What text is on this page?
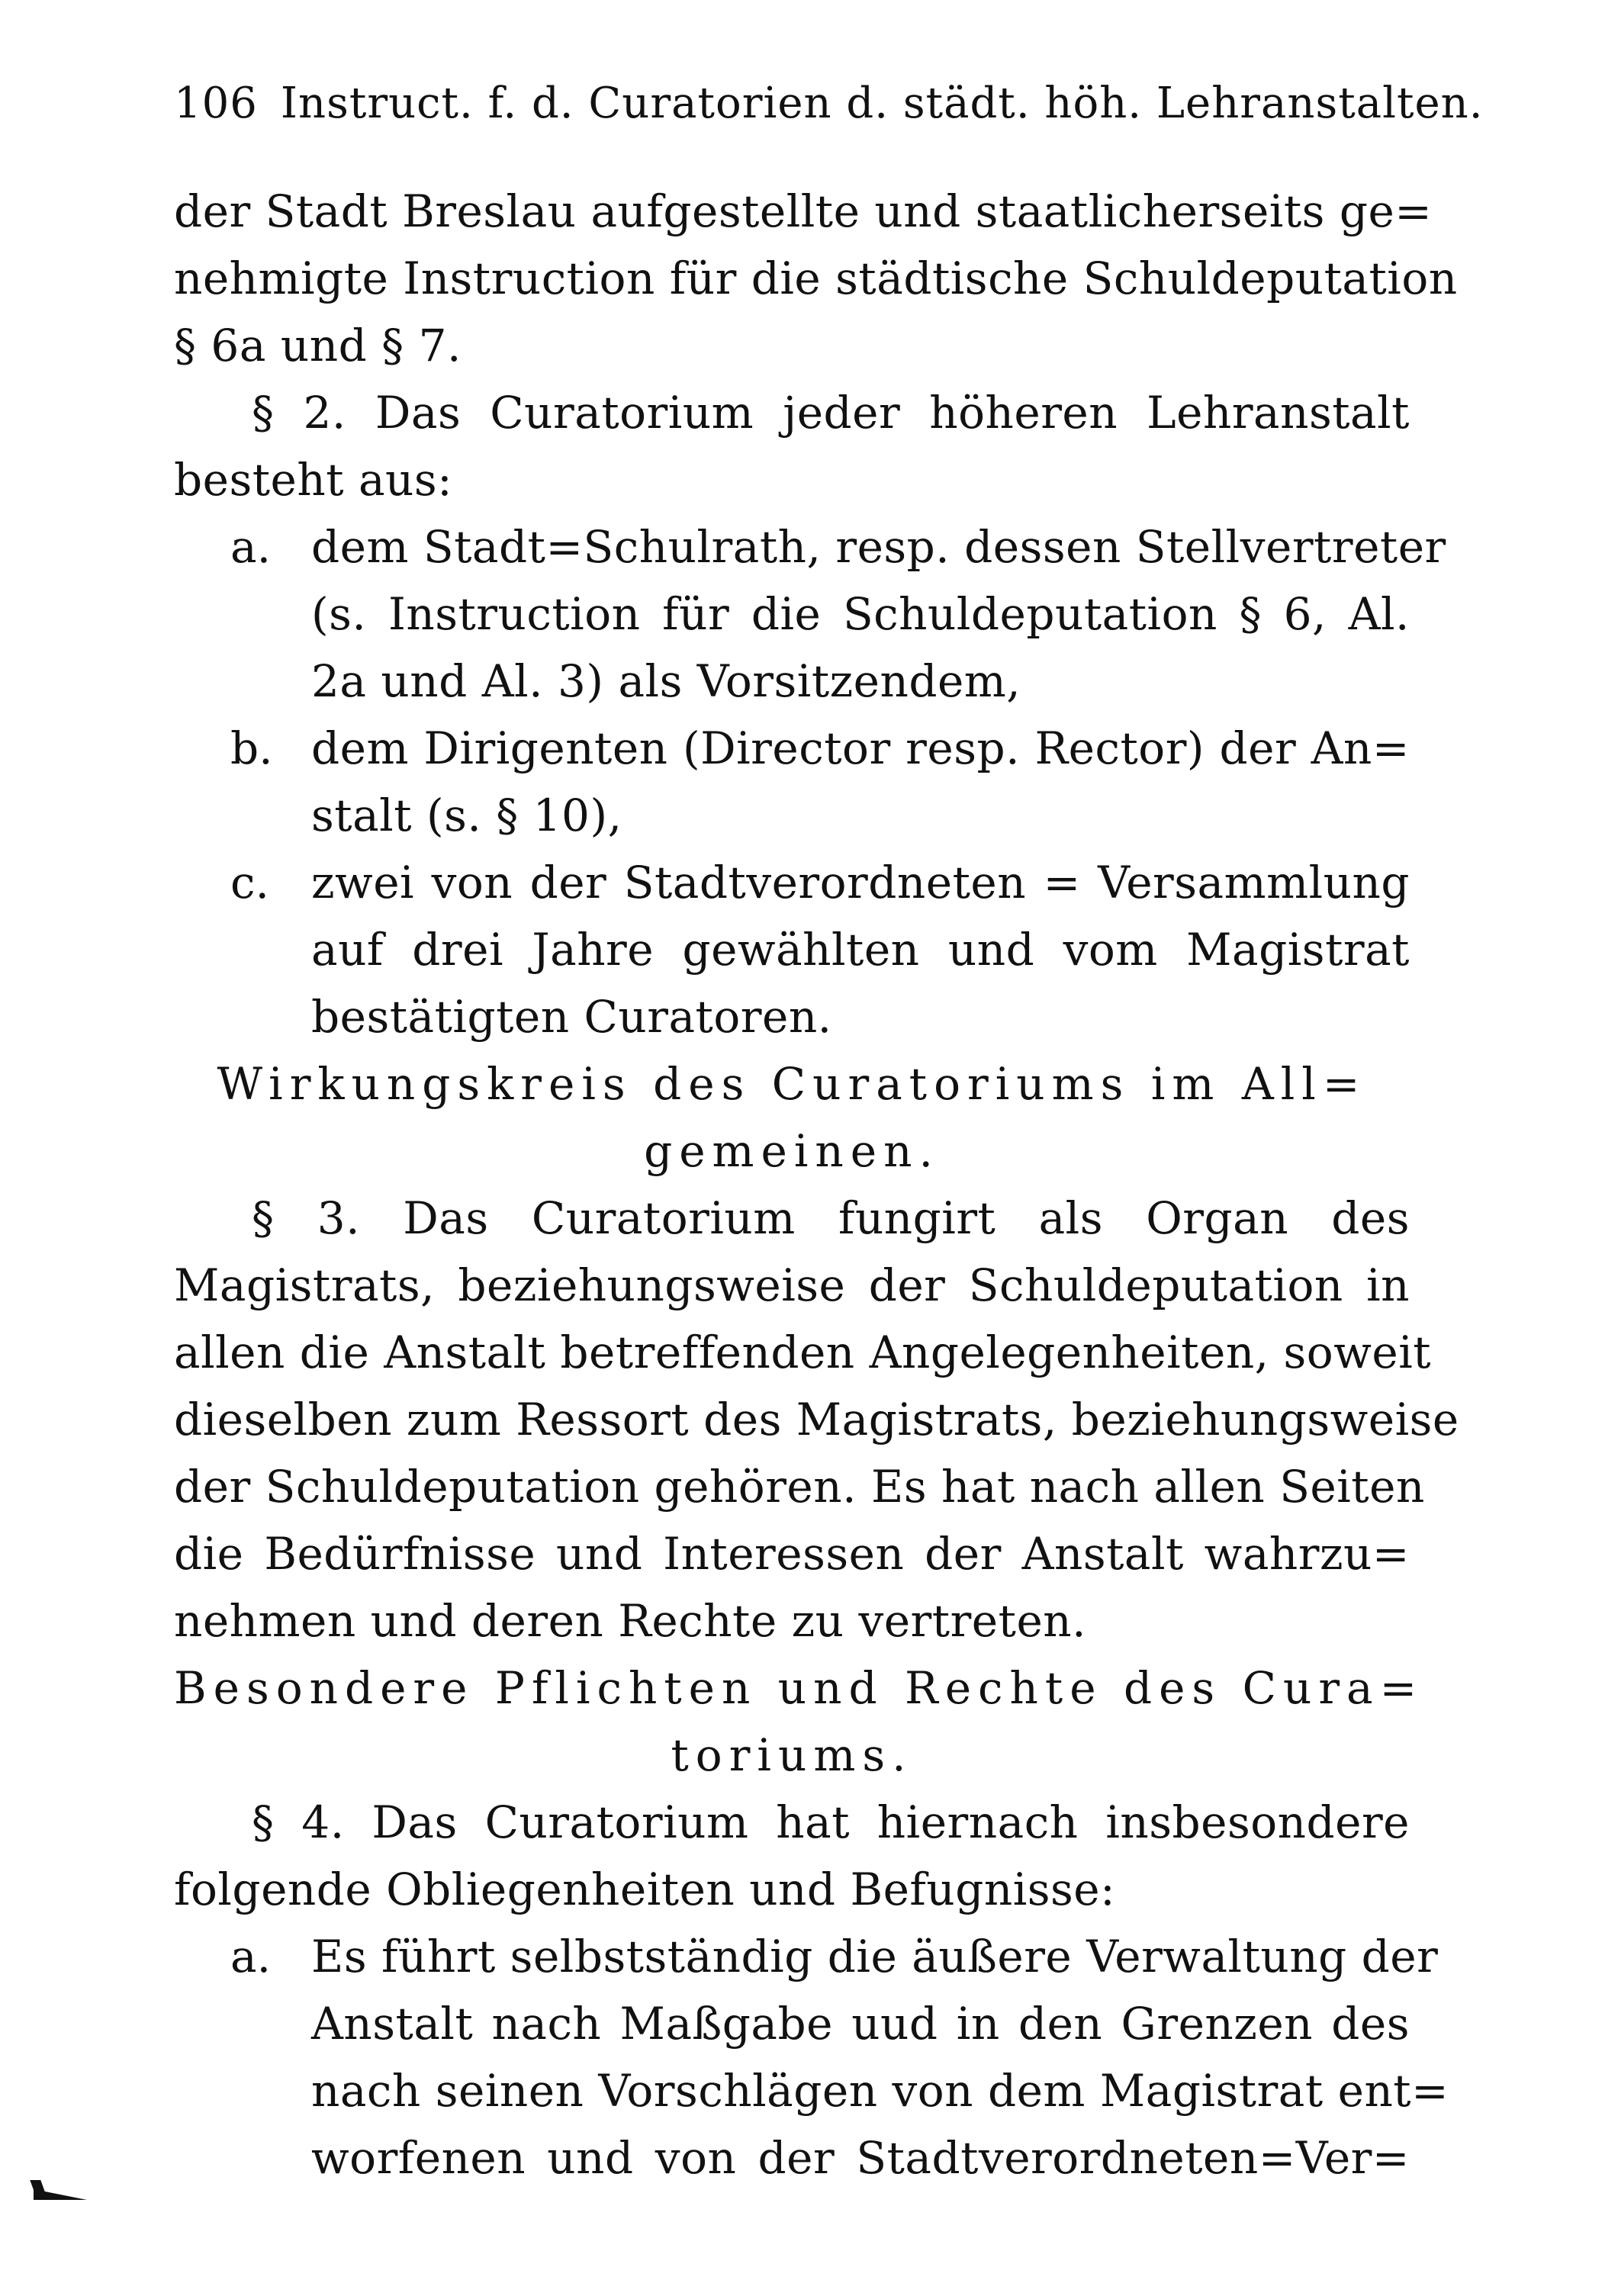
106 Instruct. f. d. Curatorien d. städt. höh. Lehranstalten.
der Stadt Breslau aufgestellte und staatlicherseits ge=
nehmigte Instruction für die städtische Schuldeputation
§ 6a und § 7.
§ 2. Das Curatorium jeder höheren Lehranstalt
besteht aus:
a. dem Stadt=Schulrath, resp. dessen Stellvertreter
(s. Instruction für die Schuldeputation § 6, Al.
2a und Al. 3) als Vorsitzendem,
b. dem Dirigenten (Director resp. Rector) der An=
stalt (s. § 10),
c. zwei von der Stadtverordneten = Versammlung
auf drei Jahre gewählten und vom Magistrat
bestätigten Curatoren.
Wirkungskreis des Curatoriums im All=
gemeinen.
§ 3. Das Curatorium fungirt als Organ des
Magistrats, beziehungsweise der Schuldeputation in
allen die Anstalt betreffenden Angelegenheiten, soweit
dieselben zum Ressort des Magistrats, beziehungsweise
der Schuldeputation gehören. Es hat nach allen Seiten
die Bedürfnisse und Interessen der Anstalt wahrzu=
nehmen und deren Rechte zu vertreten.
Besondere Pflichten und Rechte des Cura=
toriums.
§ 4. Das Curatorium hat hiernach insbesondere
folgende Obliegenheiten und Befugnisse:
a. Es führt selbstständig die äußere Verwaltung der
Anstalt nach Maßgabe uud in den Grenzen des
nach seinen Vorschlägen von dem Magistrat ent=
worfenen und von der Stadtverordneten=Ver=
